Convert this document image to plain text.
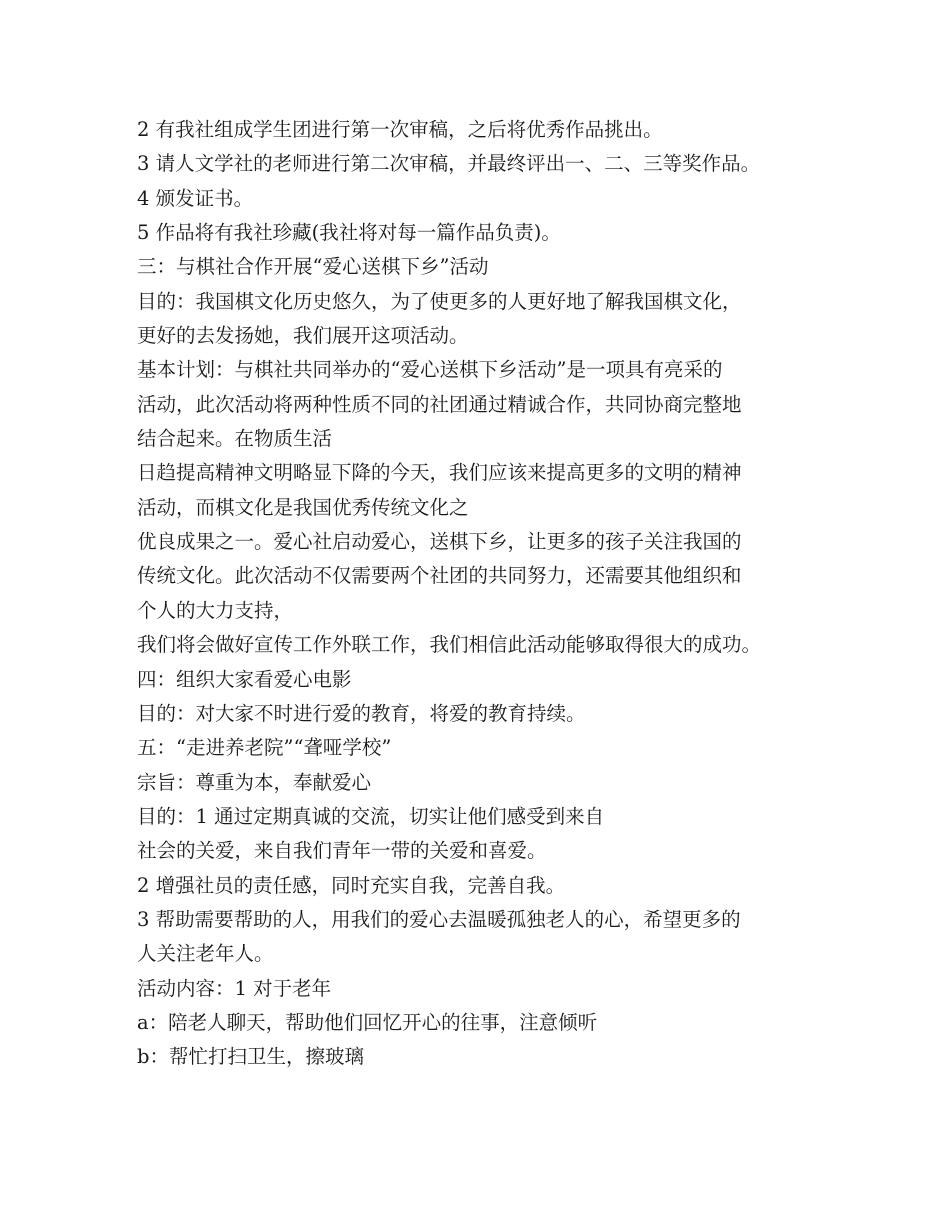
2 有我社组成学生团进行第一次审稿，之后将优秀作品挑出。

3 请人文学社的老师进行第二次审稿，并最终评出一、二、三等奖作品。

4 颁发证书。

5 作品将有我社珍藏(我社将对每一篇作品负责)。

三：与棋社合作开展“爱心送棋下乡”活动

目的：我国棋文化历史悠久，为了使更多的人更好地了解我国棋文化，

更好的去发扬她，我们展开这项活动。

基本计划：与棋社共同举办的“爱心送棋下乡活动”是一项具有亮采的

活动，此次活动将两种性质不同的社团通过精诚合作，共同协商完整地

结合起来。在物质生活

日趋提高精神文明略显下降的今天，我们应该来提高更多的文明的精神

活动，而棋文化是我国优秀传统文化之

优良成果之一。爱心社启动爱心，送棋下乡，让更多的孩子关注我国的

传统文化。此次活动不仅需要两个社团的共同努力，还需要其他组织和

个人的大力支持，

我们将会做好宣传工作外联工作，我们相信此活动能够取得很大的成功。

四：组织大家看爱心电影

目的：对大家不时进行爱的教育，将爱的教育持续。

五：“走进养老院”“聋哑学校”

宗旨：尊重为本，奉献爱心

目的：1 通过定期真诚的交流，切实让他们感受到来自

社会的关爱，来自我们青年一带的关爱和喜爱。

2 增强社员的责任感，同时充实自我，完善自我。

3 帮助需要帮助的人，用我们的爱心去温暖孤独老人的心，希望更多的

人关注老年人。

活动内容：1 对于老年

a：陪老人聊天，帮助他们回忆开心的往事，注意倾听

b：帮忙打扫卫生，擦玻璃
